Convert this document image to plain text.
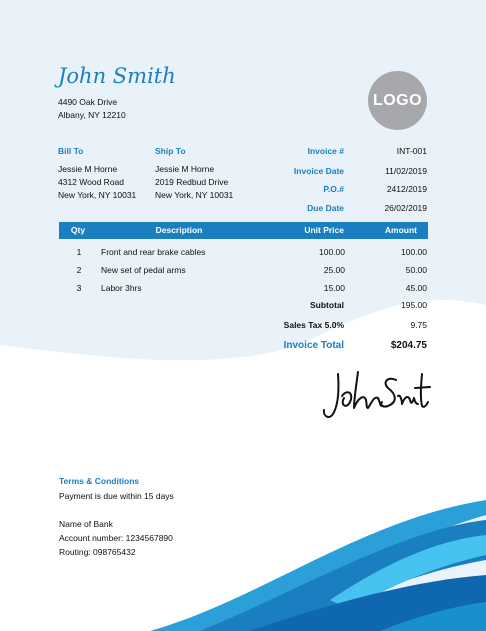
John Smith
4490 Oak Drive
Albany, NY 12210
LOGO
Bill To
Jessie M Horne
4312 Wood Road
New York, NY 10031
Ship To
Jessie M Horne
2019 Redbud Drive
New York, NY 10031
Invoice #	INT-001
Invoice Date	11/02/2019
P.O.#	2412/2019
Due Date	26/02/2019
Qty	Description	Unit Price	Amount
1	Front and rear brake cables	100.00	100.00
2	New set of pedal arms	25.00	50.00
3	Labor 3hrs	15.00	45.00
Subtotal	195.00
Sales Tax 5.0%	9.75
Invoice Total	$204.75
Terms & Conditions
Payment is due within 15 days
Name of Bank
Account number: 1234567890
Routing: 098765432
